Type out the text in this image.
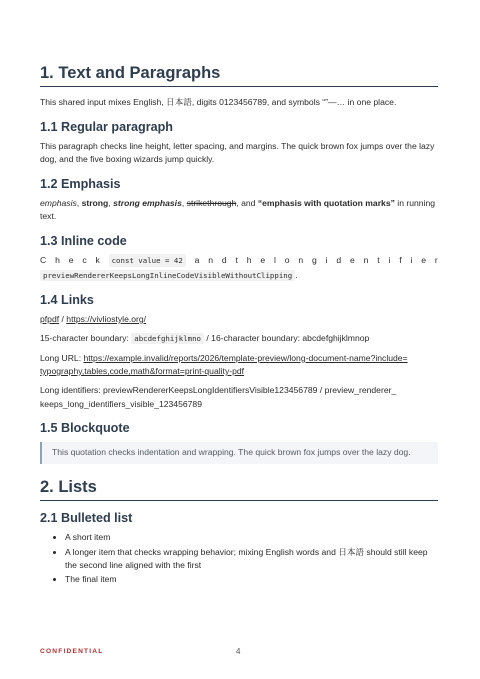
1. Text and Paragraphs

This shared input mixes English, 日本語, digits 0123456789, and symbols “”—… in one place.

1.1 Regular paragraph

This paragraph checks line height, letter spacing, and margins. The quick brown fox jumps over the lazy dog, and the five boxing wizards jump quickly.

1.2 Emphasis

emphasis, strong, strong emphasis, strikethrough, and “emphasis with quotation marks” in running text.

1.3 Inline code
C h e c k	const value = 42	a n d t h e l o n g i d e n t i f i e r

previewRendererKeepsLongInlineCodeVisibleWithoutClipping .

1.4 Links

pfpdf / https://vivliostyle.org/

15-character boundary: abcdefghijklmno / 16-character boundary: abcdefghijklmnop

Long URL: https://example.invalid/reports/2026/template-preview/long-document-name?include=
typography,tables,code,math&format=print-quality-pdf

Long identifiers: previewRendererKeepsLongIdentifiersVisible123456789 / preview_renderer_
keeps_long_identifiers_visible_123456789

1.5 Blockquote
This quotation checks indentation and wrapping. The quick brown fox jumps over the lazy dog.
2. Lists
2.1 Bulleted list
• A short item
• A longer item that checks wrapping behavior; mixing English words and 日本語 should still keep the second line aligned with the first
• The final item
CONFIDENTIAL	4
